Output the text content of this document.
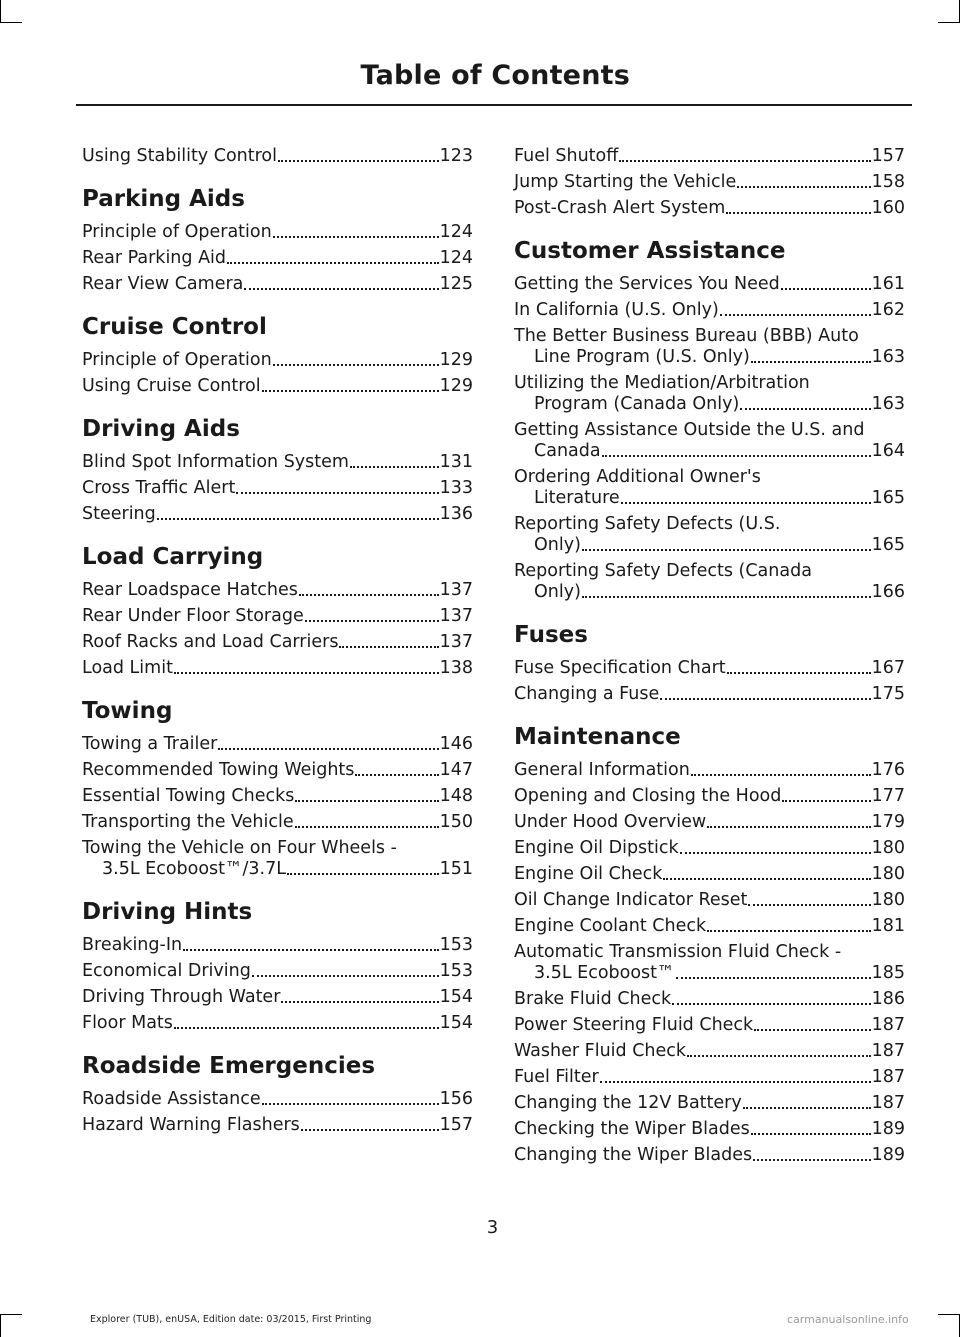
Table of Contents
Using Stability Control	123
Parking Aids
Principle of Operation	124
Rear Parking Aid	124
Rear View Camera	125
Cruise Control
Principle of Operation	129
Using Cruise Control	129
Driving Aids
Blind Spot Information System	131
Cross Traffic Alert	133
Steering	136
Load Carrying
Rear Loadspace Hatches	137
Rear Under Floor Storage	137
Roof Racks and Load Carriers	137
Load Limit	138
Towing
Towing a Trailer	146
Recommended Towing Weights	147
Essential Towing Checks	148
Transporting the Vehicle	150
Towing the Vehicle on Four Wheels -
3.5L Ecoboost™/3.7L	151
Driving Hints
Breaking-In	153
Economical Driving	153
Driving Through Water	154
Floor Mats	154
Roadside Emergencies
Roadside Assistance	156
Hazard Warning Flashers	157
Fuel Shutoff	157
Jump Starting the Vehicle	158
Post-Crash Alert System	160
Customer Assistance
Getting the Services You Need	161
In California (U.S. Only)	162
The Better Business Bureau (BBB) Auto
Line Program (U.S. Only)	163
Utilizing the Mediation/Arbitration
Program (Canada Only)	163
Getting Assistance Outside the U.S. and
Canada	164
Ordering Additional Owner's
Literature	165
Reporting Safety Defects (U.S.
Only)	165
Reporting Safety Defects (Canada
Only)	166
Fuses
Fuse Specification Chart	167
Changing a Fuse	175
Maintenance
General Information	176
Opening and Closing the Hood	177
Under Hood Overview	179
Engine Oil Dipstick	180
Engine Oil Check	180
Oil Change Indicator Reset	180
Engine Coolant Check	181
Automatic Transmission Fluid Check -
3.5L Ecoboost™	185
Brake Fluid Check	186
Power Steering Fluid Check	187
Washer Fluid Check	187
Fuel Filter	187
Changing the 12V Battery	187
Checking the Wiper Blades	189
Changing the Wiper Blades	189
3
Explorer (TUB), enUSA, Edition date: 03/2015, First Printing	carmanualsonline.info
